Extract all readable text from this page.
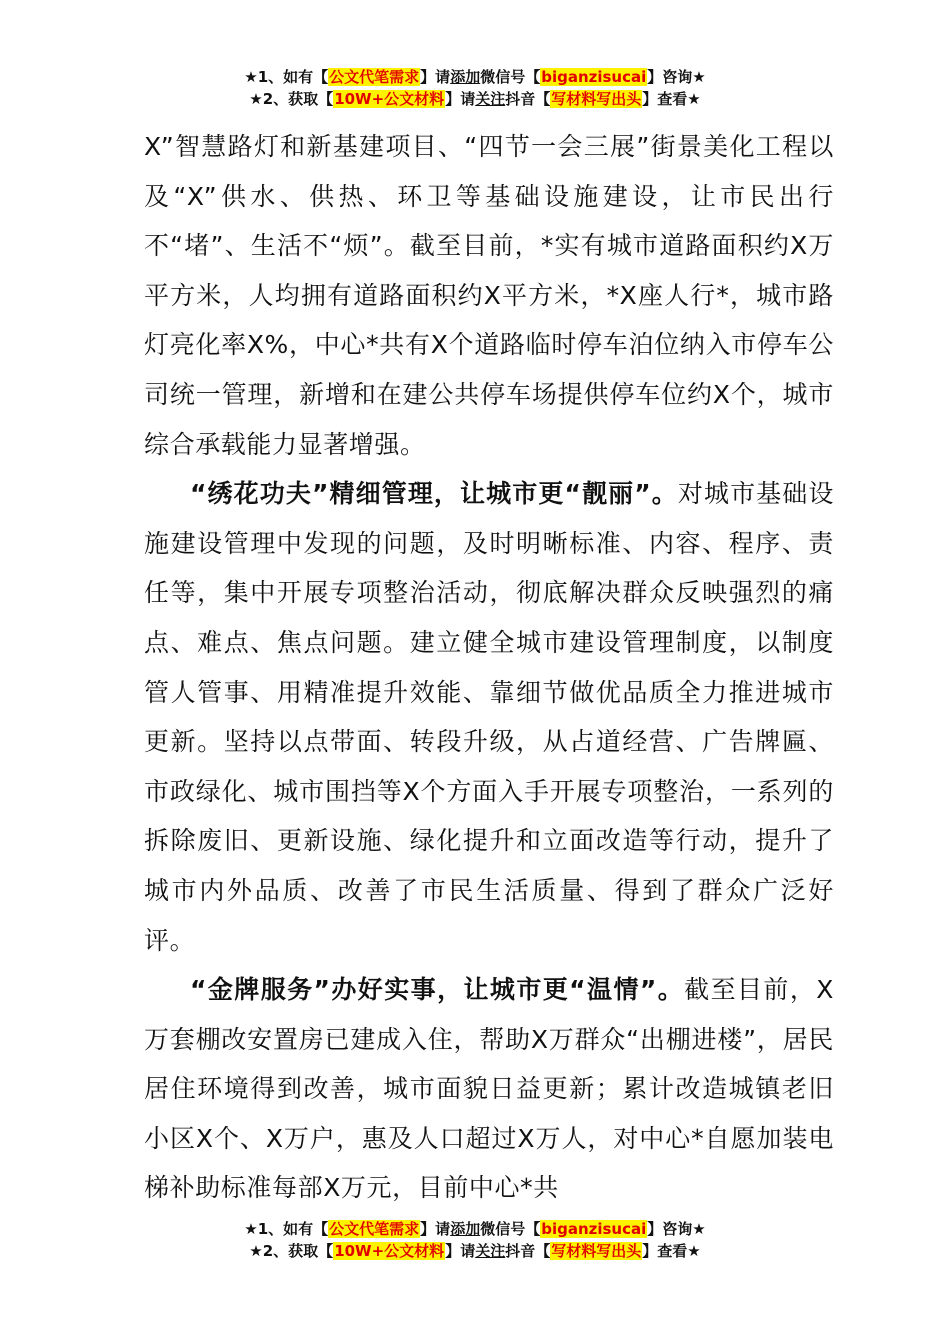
★1、如有【公文代笔需求】请添加微信号【biganzisucai】咨询★
★2、获取【10W+公文材料】请关注抖音【写材料写出头】查看★

X”智慧路灯和新基建项目、“四节一会三展”街景美化工程以及“X”供水、供热、环卫等基础设施建设，让市民出行不“堵”、生活不“烦”。截至目前，*实有城市道路面积约X万平方米，人均拥有道路面积约X平方米，*X座人行*，城市路灯亮化率X%，中心*共有X个道路临时停车泊位纳入市停车公司统一管理，新增和在建公共停车场提供停车位约X个，城市综合承载能力显著增强。

“绣花功夫”精细管理，让城市更“靓丽”。对城市基础设施建设管理中发现的问题，及时明晰标准、内容、程序、责任等，集中开展专项整治活动，彻底解决群众反映强烈的痛点、难点、焦点问题。建立健全城市建设管理制度，以制度管人管事、用精准提升效能、靠细节做优品质全力推进城市更新。坚持以点带面、转段升级，从占道经营、广告牌匾、市政绿化、城市围挡等X个方面入手开展专项整治，一系列的拆除废旧、更新设施、绿化提升和立面改造等行动，提升了城市内外品质、改善了市民生活质量、得到了群众广泛好评。

“金牌服务”办好实事，让城市更“温情”。截至目前，X万套棚改安置房已建成入住，帮助X万群众“出棚进楼”，居民居住环境得到改善，城市面貌日益更新；累计改造城镇老旧小区X个、X万户，惠及人口超过X万人，对中心*自愿加装电梯补助标准每部X万元，目前中心*共

★1、如有【公文代笔需求】请添加微信号【biganzisucai】咨询★
★2、获取【10W+公文材料】请关注抖音【写材料写出头】查看★
